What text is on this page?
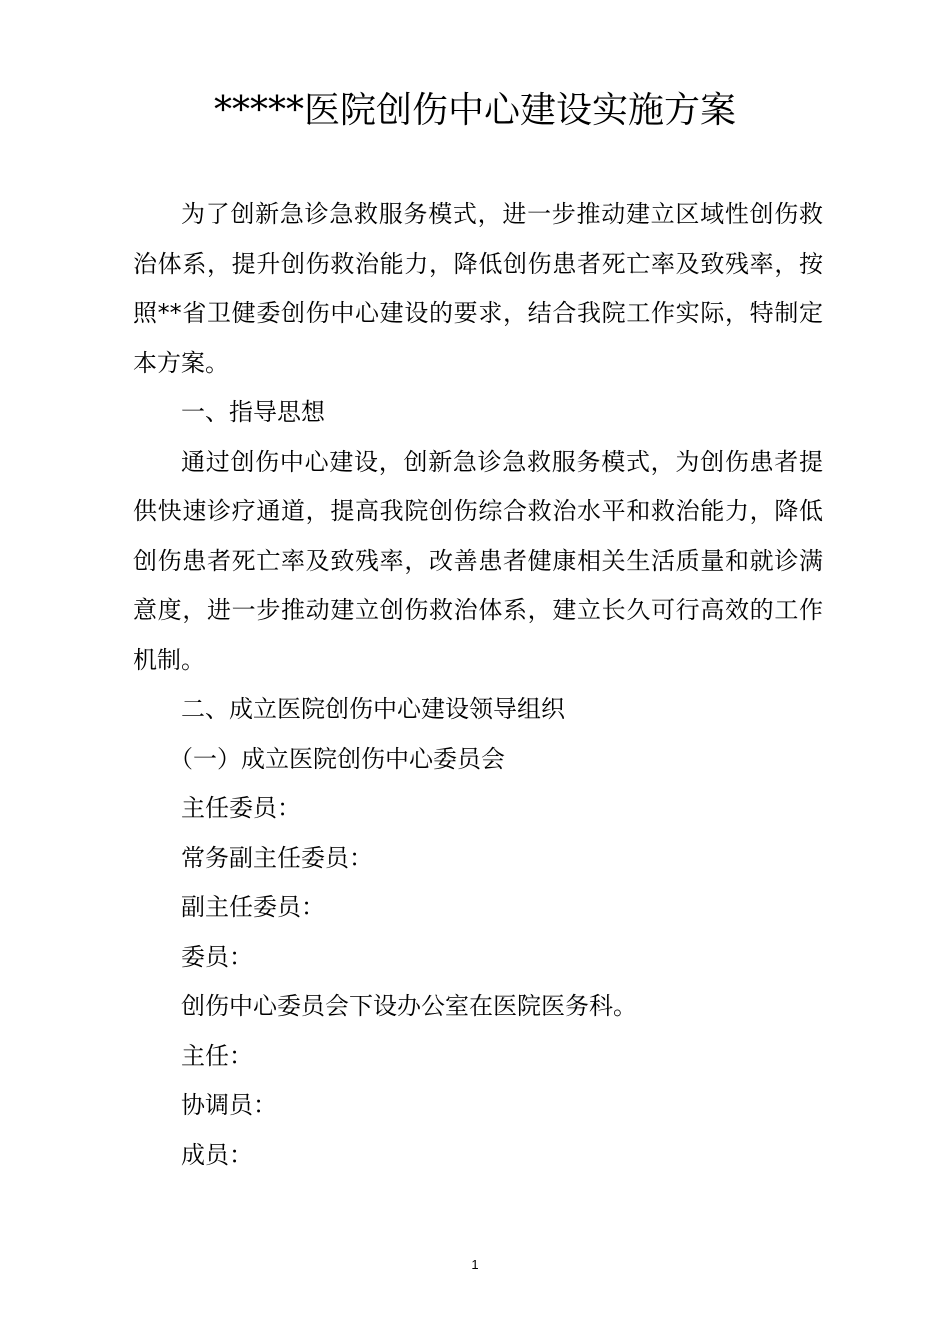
*****医院创伤中心建设实施方案

为了创新急诊急救服务模式，进一步推动建立区域性创伤救治体系，提升创伤救治能力，降低创伤患者死亡率及致残率，按照**省卫健委创伤中心建设的要求，结合我院工作实际，特制定本方案。

一、指导思想

通过创伤中心建设，创新急诊急救服务模式，为创伤患者提供快速诊疗通道，提高我院创伤综合救治水平和救治能力，降低创伤患者死亡率及致残率，改善患者健康相关生活质量和就诊满意度，进一步推动建立创伤救治体系，建立长久可行高效的工作机制。

二、成立医院创伤中心建设领导组织

（一）成立医院创伤中心委员会

主任委员：

常务副主任委员：

副主任委员：

委员：

创伤中心委员会下设办公室在医院医务科。

主任：

协调员：

成员：

1
